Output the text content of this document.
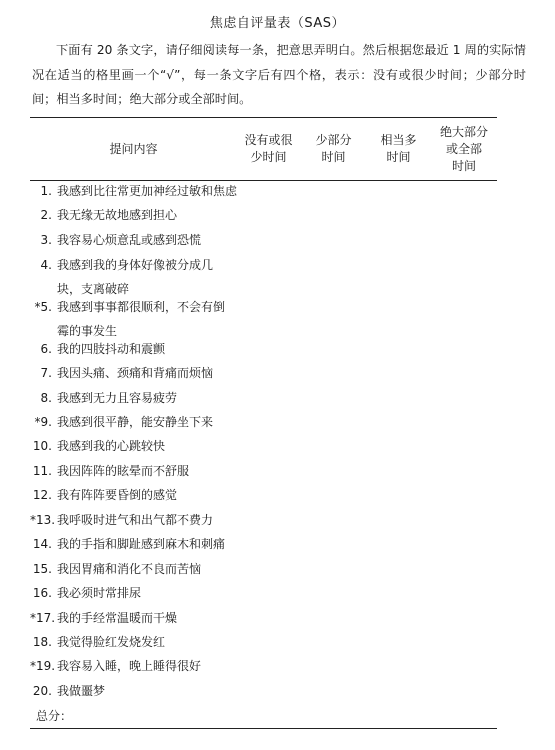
焦虑自评量表（SAS）
下面有 20 条文字，请仔细阅读每一条，把意思弄明白。然后根据您最近 1 周的实际情况在适当的格里画一个“√”，每一条文字后有四个格，表示：没有或很少时间；少部分时间；相当多时间；绝大部分或全部时间。
提问内容
没有或很
少时间
少部分
时间
相当多
时间
绝大部分
或全部
时间
1. 我感到比往常更加神经过敏和焦虑
2. 我无缘无故地感到担心
3. 我容易心烦意乱或感到恐慌
4. 我感到我的身体好像被分成几
块，支离破碎
*5. 我感到事事都很顺利，不会有倒
霉的事发生
6. 我的四肢抖动和震颤
7. 我因头痛、颈痛和背痛而烦恼
8. 我感到无力且容易疲劳
*9. 我感到很平静，能安静坐下来
10. 我感到我的心跳较快
11. 我因阵阵的眩晕而不舒服
12. 我有阵阵要昏倒的感觉
*13. 我呼吸时进气和出气都不费力
14. 我的手指和脚趾感到麻木和刺痛
15. 我因胃痛和消化不良而苦恼
16. 我必须时常排尿
*17. 我的手经常温暖而干燥
18. 我觉得脸红发烧发红
*19. 我容易入睡，晚上睡得很好
20. 我做噩梦
总分：
